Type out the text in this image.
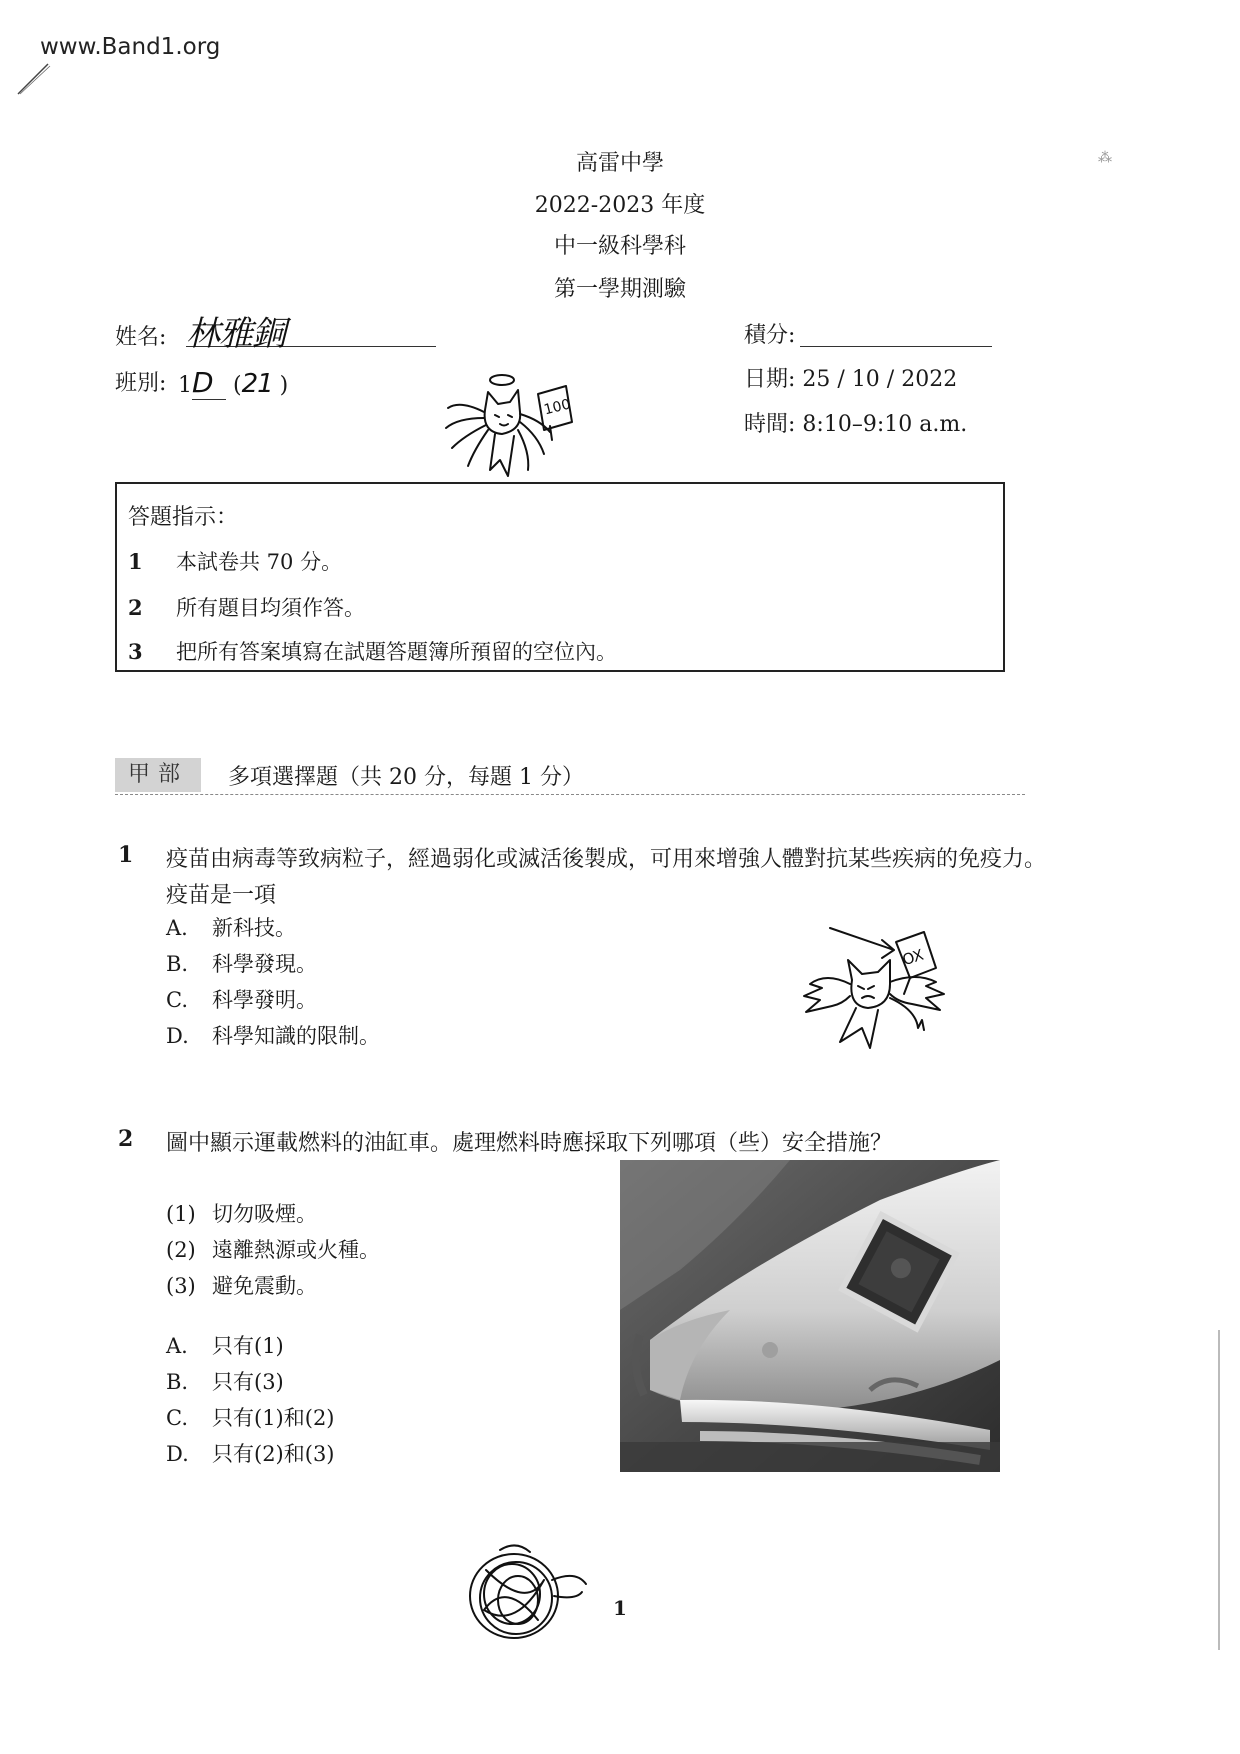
www.Band1.org
⁂
高雷中學
2022-2023 年度
中一級科學科
第一學期測驗
姓名: 林雅銅
班別: 1D (21 )
積分:
日期: 25 / 10 / 2022
時間: 8:10–9:10 a.m.
100
答題指示：
1 本試卷共 70 分。
2 所有題目均須作答。
3 把所有答案填寫在試題答題簿所預留的空位內。
甲部	多項選擇題（共 20 分，每題 1 分）
1 疫苗由病毒等致病粒子，經過弱化或滅活後製成，可用來增強人體對抗某些疾病的免疫力。
疫苗是一項
A. 新科技。
B. 科學發現。
C. 科學發明。
D. 科學知識的限制。
OX
2 圖中顯示運載燃料的油缸車。處理燃料時應採取下列哪項（些）安全措施？
(1) 切勿吸煙。
(2) 遠離熱源或火種。
(3) 避免震動。
A. 只有(1)
B. 只有(3)
C. 只有(1)和(2)
D. 只有(2)和(3)
1
